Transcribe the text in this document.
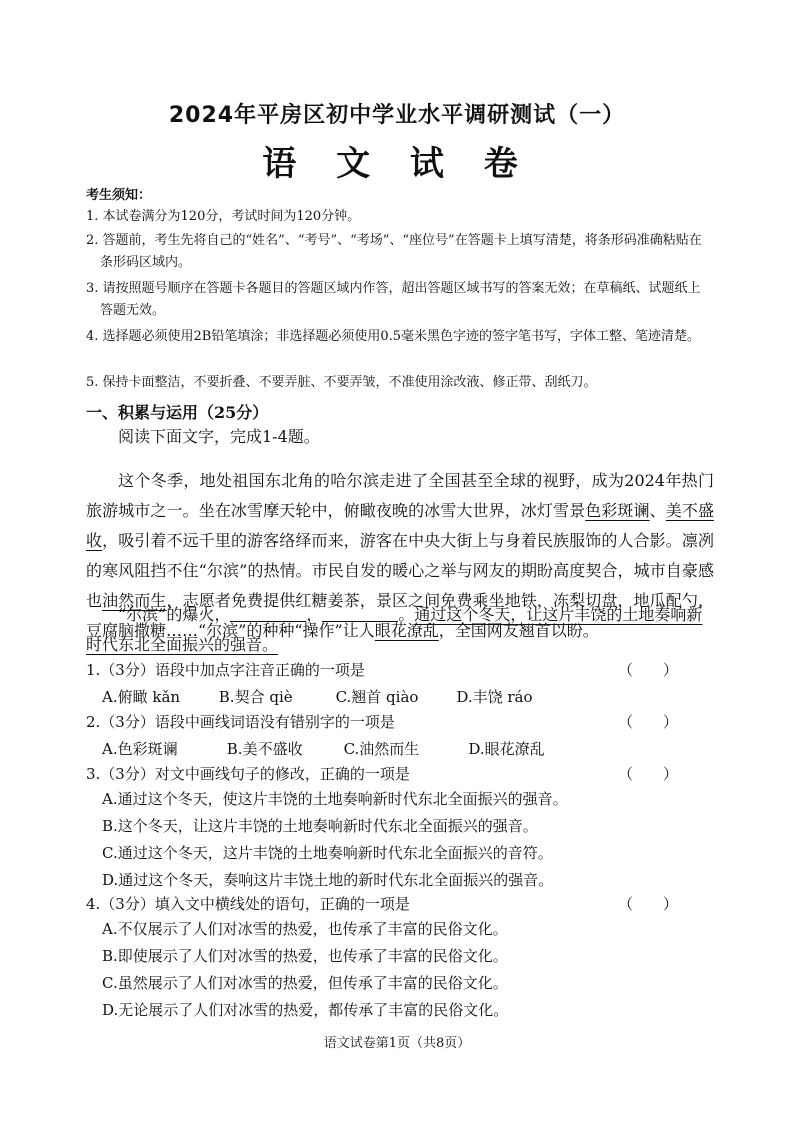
2024年平房区初中学业水平调研测试（一）
语 文 试 卷
考生须知：
1. 本试卷满分为120分，考试时间为120分钟。
2. 答题前，考生先将自己的“姓名”、“考号”、“考场”、“座位号”在答题卡上填写清楚，将条形码准确粘贴在条形码区域内。
3. 请按照题号顺序在答题卡各题目的答题区域内作答，超出答题区域书写的答案无效；在草稿纸、试题纸上答题无效。
4. 选择题必须使用2B铅笔填涂；非选择题必须使用0.5毫米黑色字迹的签字笔书写，字体工整、笔迹清楚。
5. 保持卡面整洁，不要折叠、不要弄脏、不要弄皱，不准使用涂改液、修正带、刮纸刀。
一、积累与运用（25分）
阅读下面文字，完成1-4题。
这个冬季，地处祖国东北角的哈尔滨走进了全国甚至全球的视野，成为2024年热门旅游城市之一。坐在冰雪摩天轮中，俯瞰夜晚的冰雪大世界，冰灯雪景色彩斑谰、美不盛收，吸引着不远千里的游客络绎而来，游客在中央大街上与身着民族服饰的人合影。凛冽的寒风阻挡不住“尔滨”的热情。市民自发的暖心之举与网友的期盼高度契合，城市自豪感也油然而生，志愿者免费提供红糖姜茶，景区之间免费乘坐地铁，冻梨切盘，地瓜配勺，豆腐脑撒糖……“尔滨”的种种“操作”让人眼花潦乱，全国网友翘首以盼。
“尔滨”的爆火，	，	。通过这个冬天，让这片丰饶的土地奏响新时代东北全面振兴的强音。
1.（3分）语段中加点字注音正确的一项是	（　　）
A.俯瞰 kǎn	B.契合 qiè	C.翘首 qiào	D.丰饶 ráo
2.（3分）语段中画线词语没有错别字的一项是	（　　）
A.色彩斑谰	B.美不盛收	C.油然而生	D.眼花潦乱
3.（3分）对文中画线句子的修改，正确的一项是	（　　）
A.通过这个冬天，使这片丰饶的土地奏响新时代东北全面振兴的强音。
B.这个冬天，让这片丰饶的土地奏响新时代东北全面振兴的强音。
C.通过这个冬天，这片丰饶的土地奏响新时代东北全面振兴的音符。
D.通过这个冬天，奏响这片丰饶土地的新时代东北全面振兴的强音。
4.（3分）填入文中横线处的语句，正确的一项是	（　　）
A.不仅展示了人们对冰雪的热爱，也传承了丰富的民俗文化。
B.即使展示了人们对冰雪的热爱，也传承了丰富的民俗文化。
C.虽然展示了人们对冰雪的热爱，但传承了丰富的民俗文化。
D.无论展示了人们对冰雪的热爱，都传承了丰富的民俗文化。
语文试卷第1页（共8页）
